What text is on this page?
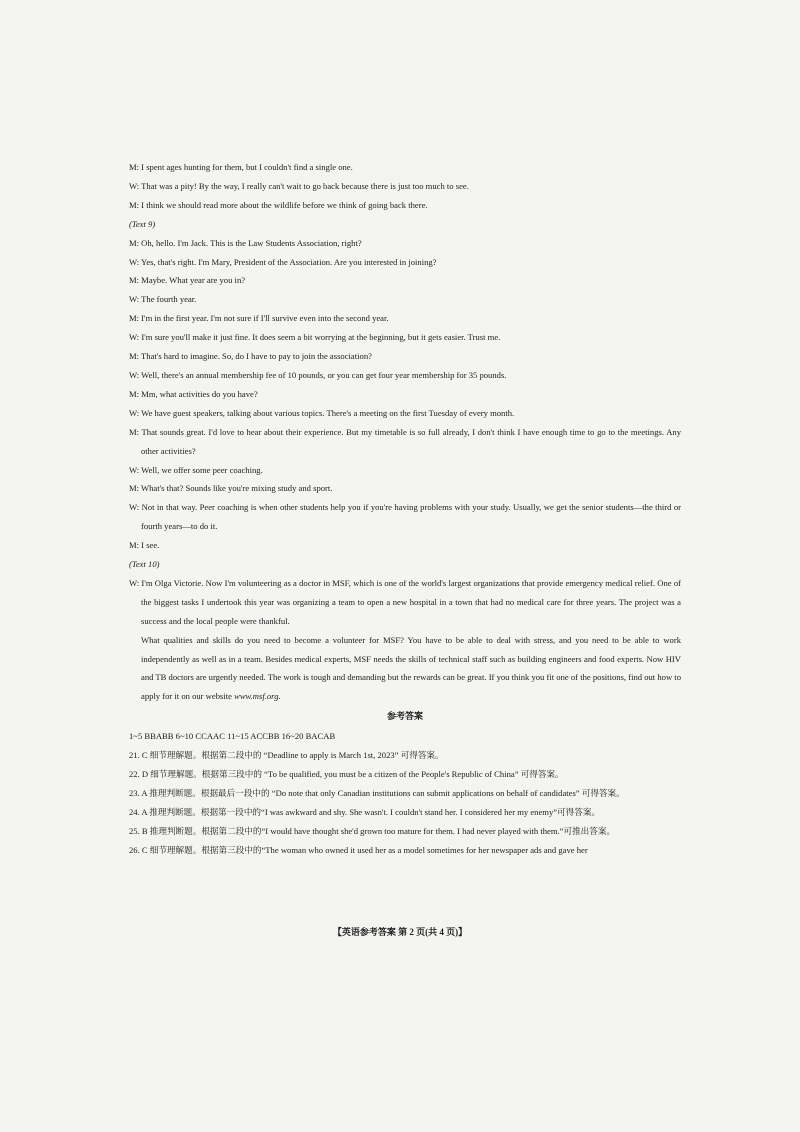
M: I spent ages hunting for them, but I couldn't find a single one.
W: That was a pity! By the way, I really can't wait to go back because there is just too much to see.
M: I think we should read more about the wildlife before we think of going back there.
(Text 9)
M: Oh, hello. I'm Jack. This is the Law Students Association, right?
W: Yes, that's right. I'm Mary, President of the Association. Are you interested in joining?
M: Maybe. What year are you in?
W: The fourth year.
M: I'm in the first year. I'm not sure if I'll survive even into the second year.
W: I'm sure you'll make it just fine. It does seem a bit worrying at the beginning, but it gets easier. Trust me.
M: That's hard to imagine. So, do I have to pay to join the association?
W: Well, there's an annual membership fee of 10 pounds, or you can get four year membership for 35 pounds.
M: Mm, what activities do you have?
W: We have guest speakers, talking about various topics. There's a meeting on the first Tuesday of every month.
M: That sounds great. I'd love to hear about their experience. But my timetable is so full already, I don't think I have enough time to go to the meetings. Any other activities?
W: Well, we offer some peer coaching.
M: What's that? Sounds like you're mixing study and sport.
W: Not in that way. Peer coaching is when other students help you if you're having problems with your study. Usually, we get the senior students—the third or fourth years—to do it.
M: I see.
(Text 10)
W: I'm Olga Victorie. Now I'm volunteering as a doctor in MSF, which is one of the world's largest organizations that provide emergency medical relief. One of the biggest tasks I undertook this year was organizing a team to open a new hospital in a town that had no medical care for three years. The project was a success and the local people were thankful.
What qualities and skills do you need to become a volunteer for MSF? You have to be able to deal with stress, and you need to be able to work independently as well as in a team. Besides medical experts, MSF needs the skills of technical staff such as building engineers and food experts. Now HIV and TB doctors are urgently needed. The work is tough and demanding but the rewards can be great. If you think you fit one of the positions, find out how to apply for it on our website www.msf.org.
参考答案
1~5 BBABB 6~10 CCAAC 11~15 ACCBB 16~20 BACAB
21. C 细节理解题。根据第二段中的 “Deadline to apply is March 1st, 2023” 可得答案。
22. D 细节理解题。根据第三段中的 “To be qualified, you must be a citizen of the People's Republic of China” 可得答案。
23. A 推理判断题。根据最后一段中的 “Do note that only Canadian institutions can submit applications on behalf of candidates” 可得答案。
24. A 推理判断题。根据第一段中的“I was awkward and shy. She wasn't. I couldn't stand her. I considered her my enemy”可得答案。
25. B 推理判断题。根据第二段中的“I would have thought she'd grown too mature for them. I had never played with them.”可推出答案。
26. C 细节理解题。根据第三段中的“The woman who owned it used her as a model sometimes for her newspaper ads and gave her
【英语参考答案 第 2 页(共 4 页)】
